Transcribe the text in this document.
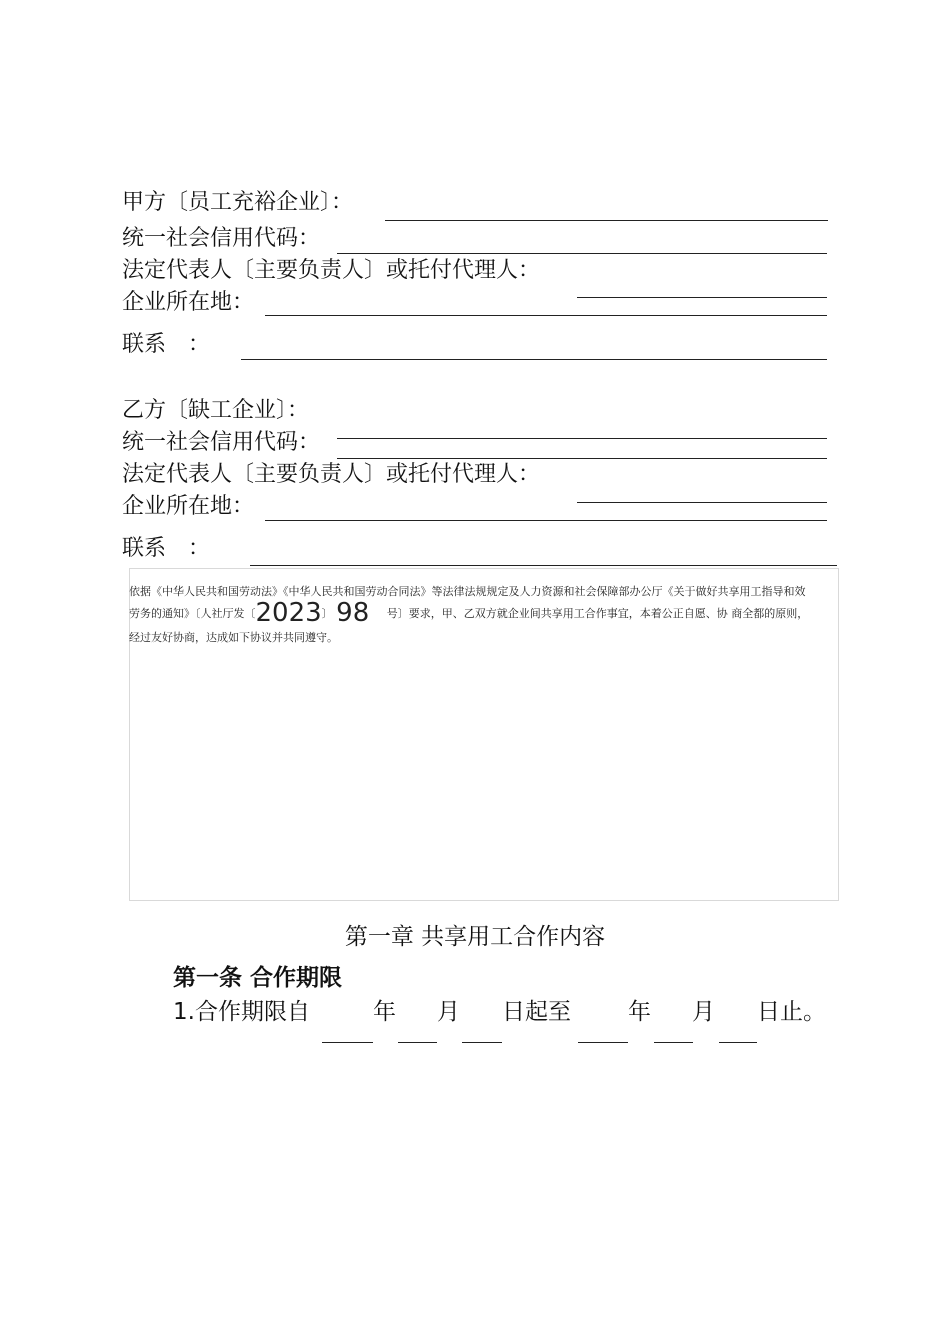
甲方〔员工充裕企业〕：
统一社会信用代码：
法定代表人〔主要负责人〕或托付代理人：
企业所在地：
联系　：
乙方〔缺工企业〕：
统一社会信用代码：
法定代表人〔主要负责人〕或托付代理人：
企业所在地：
联系　：
依据《中华人民共和国劳动法》《中华人民共和国劳动合同法》等法律法规规定及人力资源和社会保障部办公厅《关于做好共享用工指导和效
劳务的通知》〔人社厅发〔2023〕 98 号〕要求，甲、乙双方就企业间共享用工合作事宜，本着公正自愿、协 商全都的原则，
经过友好协商，达成如下协议并共同遵守。
第一章 共享用工合作内容
第一条 合作期限
1.合作期限自	年 月 日起至 年 月 日止。
